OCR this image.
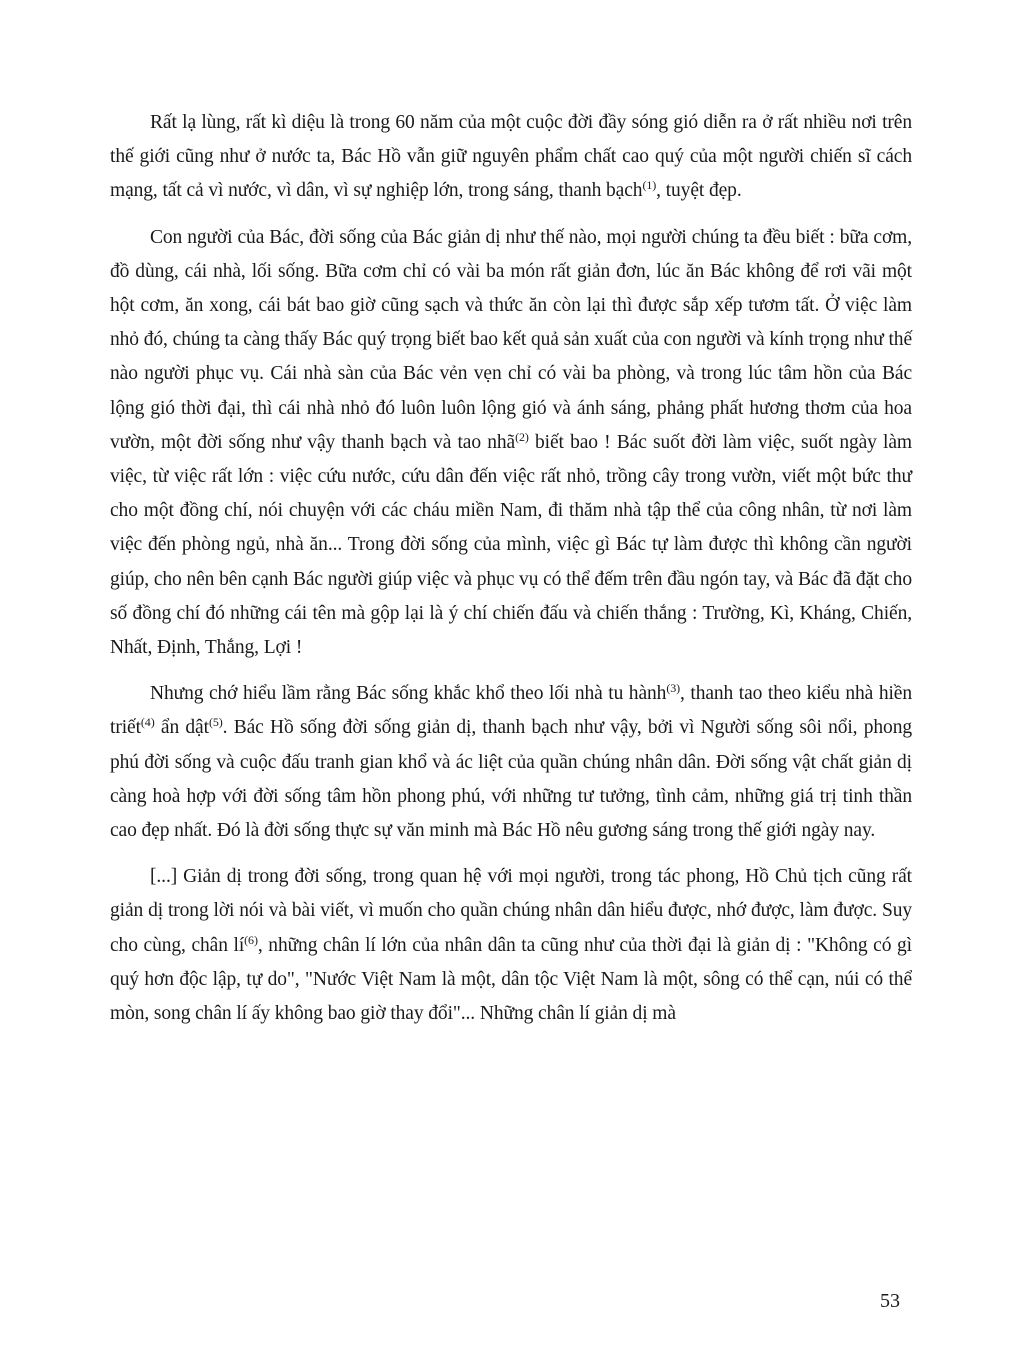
Rất lạ lùng, rất kì diệu là trong 60 năm của một cuộc đời đầy sóng gió diễn ra ở rất nhiều nơi trên thế giới cũng như ở nước ta, Bác Hồ vẫn giữ nguyên phẩm chất cao quý của một người chiến sĩ cách mạng, tất cả vì nước, vì dân, vì sự nghiệp lớn, trong sáng, thanh bạch$^{(1)}$, tuyệt đẹp.

Con người của Bác, đời sống của Bác giản dị như thế nào, mọi người chúng ta đều biết : bữa cơm, đồ dùng, cái nhà, lối sống. Bữa cơm chỉ có vài ba món rất giản đơn, lúc ăn Bác không để rơi vãi một hột cơm, ăn xong, cái bát bao giờ cũng sạch và thức ăn còn lại thì được sắp xếp tươm tất. Ở việc làm nhỏ đó, chúng ta càng thấy Bác quý trọng biết bao kết quả sản xuất của con người và kính trọng như thế nào người phục vụ. Cái nhà sàn của Bác vẻn vẹn chỉ có vài ba phòng, và trong lúc tâm hồn của Bác lộng gió thời đại, thì cái nhà nhỏ đó luôn luôn lộng gió và ánh sáng, phảng phất hương thơm của hoa vườn, một đời sống như vậy thanh bạch và tao nhã$^{(2)}$ biết bao ! Bác suốt đời làm việc, suốt ngày làm việc, từ việc rất lớn : việc cứu nước, cứu dân đến việc rất nhỏ, trồng cây trong vườn, viết một bức thư cho một đồng chí, nói chuyện với các cháu miền Nam, đi thăm nhà tập thể của công nhân, từ nơi làm việc đến phòng ngủ, nhà ăn... Trong đời sống của mình, việc gì Bác tự làm được thì không cần người giúp, cho nên bên cạnh Bác người giúp việc và phục vụ có thể đếm trên đầu ngón tay, và Bác đã đặt cho số đồng chí đó những cái tên mà gộp lại là ý chí chiến đấu và chiến thắng : Trường, Kì, Kháng, Chiến, Nhất, Định, Thắng, Lợi !

Nhưng chớ hiểu lầm rằng Bác sống khắc khổ theo lối nhà tu hành$^{(3)}$, thanh tao theo kiểu nhà hiền triết$^{(4)}$ ẩn dật$^{(5)}$. Bác Hồ sống đời sống giản dị, thanh bạch như vậy, bởi vì Người sống sôi nổi, phong phú đời sống và cuộc đấu tranh gian khổ và ác liệt của quần chúng nhân dân. Đời sống vật chất giản dị càng hoà hợp với đời sống tâm hồn phong phú, với những tư tưởng, tình cảm, những giá trị tinh thần cao đẹp nhất. Đó là đời sống thực sự văn minh mà Bác Hồ nêu gương sáng trong thế giới ngày nay.

[...] Giản dị trong đời sống, trong quan hệ với mọi người, trong tác phong, Hồ Chủ tịch cũng rất giản dị trong lời nói và bài viết, vì muốn cho quần chúng nhân dân hiểu được, nhớ được, làm được. Suy cho cùng, chân $lí^{(6)}$, những chân lí lớn của nhân dân ta cũng như của thời đại là giản dị : "Không có gì quý hơn độc lập, tự do", "Nước Việt Nam là một, dân tộc Việt Nam là một, sông có thể cạn, núi có thể mòn, song chân lí ấy không bao giờ thay đổi"... Những chân lí giản dị mà

53
